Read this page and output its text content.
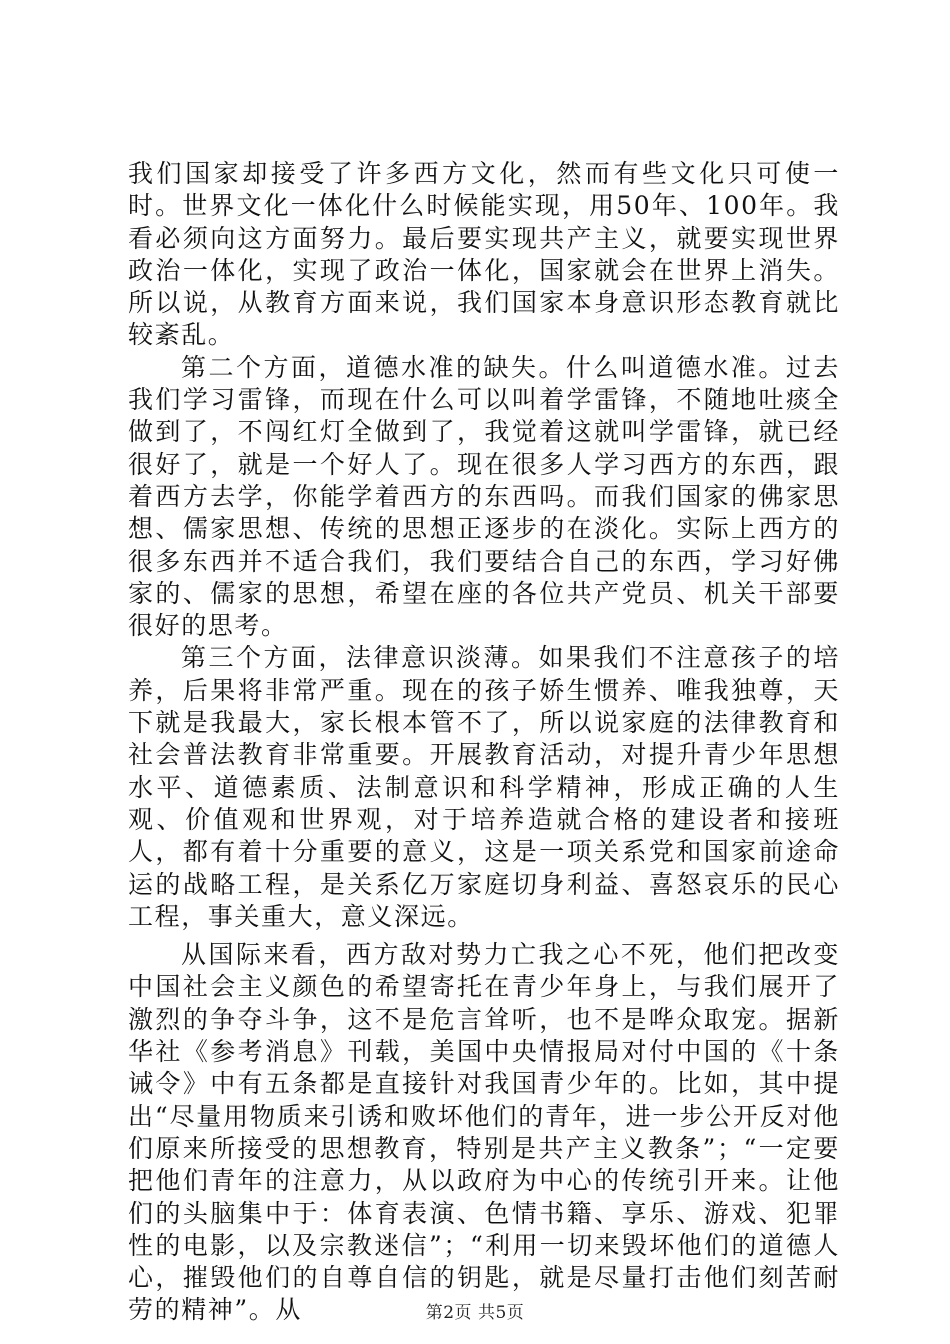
我们国家却接受了许多西方文化，然而有些文化只可使一时。世界文化一体化什么时候能实现，用50年、100年。我看必须向这方面努力。最后要实现共产主义，就要实现世界政治一体化，实现了政治一体化，国家就会在世界上消失。所以说，从教育方面来说，我们国家本身意识形态教育就比较紊乱。

第二个方面，道德水准的缺失。什么叫道德水准。过去我们学习雷锋，而现在什么可以叫着学雷锋，不随地吐痰全做到了，不闯红灯全做到了，我觉着这就叫学雷锋，就已经很好了，就是一个好人了。现在很多人学习西方的东西，跟着西方去学，你能学着西方的东西吗。而我们国家的佛家思想、儒家思想、传统的思想正逐步的在淡化。实际上西方的很多东西并不适合我们，我们要结合自己的东西，学习好佛家的、儒家的思想，希望在座的各位共产党员、机关干部要很好的思考。

第三个方面，法律意识淡薄。如果我们不注意孩子的培养，后果将非常严重。现在的孩子娇生惯养、唯我独尊，天下就是我最大，家长根本管不了，所以说家庭的法律教育和社会普法教育非常重要。开展教育活动，对提升青少年思想水平、道德素质、法制意识和科学精神，形成正确的人生观、价值观和世界观，对于培养造就合格的建设者和接班人，都有着十分重要的意义，这是一项关系党和国家前途命运的战略工程，是关系亿万家庭切身利益、喜怒哀乐的民心工程，事关重大，意义深远。

从国际来看，西方敌对势力亡我之心不死，他们把改变中国社会主义颜色的希望寄托在青少年身上，与我们展开了激烈的争夺斗争，这不是危言耸听，也不是哗众取宠。据新华社《参考消息》刊载，美国中央情报局对付中国的《十条诫令》中有五条都是直接针对我国青少年的。比如，其中提出“尽量用物质来引诱和败坏他们的青年，进一步公开反对他们原来所接受的思想教育，特别是共产主义教条”；“一定要把他们青年的注意力，从以政府为中心的传统引开来。让他们的头脑集中于：体育表演、色情书籍、享乐、游戏、犯罪性的电影，以及宗教迷信”；“利用一切来毁坏他们的道德人心，摧毁他们的自尊自信的钥匙，就是尽量打击他们刻苦耐劳的精神”。从	第2页 共5页
